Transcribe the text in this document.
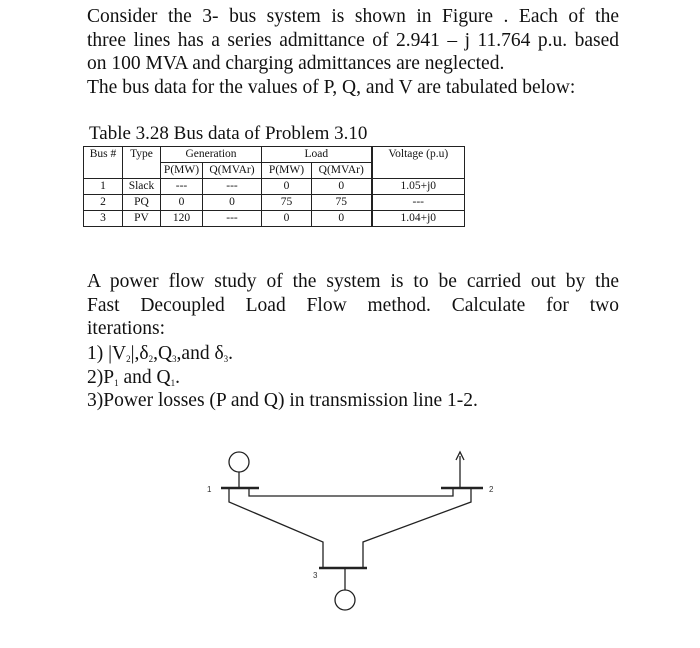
Consider the 3- bus system is shown in Figure . Each of the
three lines has a series admittance of 2.941 – j 11.764 p.u. based
on 100 MVA and charging admittances are neglected.
The bus data for the values of P, Q, and V are tabulated below:
Table 3.28 Bus data of Problem 3.10
Bus #	Type	Generation		Load		Voltage (p.u)
		P(MW)	Q(MVAr)	P(MW)	Q(MVAr)	
1	Slack	---	---	0	0	1.05+j0
2	PQ	0	0	75	75	---
3	PV	120	---	0	0	1.04+j0
A power flow study of the system is to be carried out by the
Fast Decoupled Load Flow method. Calculate for two
iterations:
1) $|V_2|,\delta_2,Q_3,and$ $\delta_3$.
$2)P_1$ and $Q_1$.
3)Power losses (P and Q) in transmission line 1-2.
1	2
3
